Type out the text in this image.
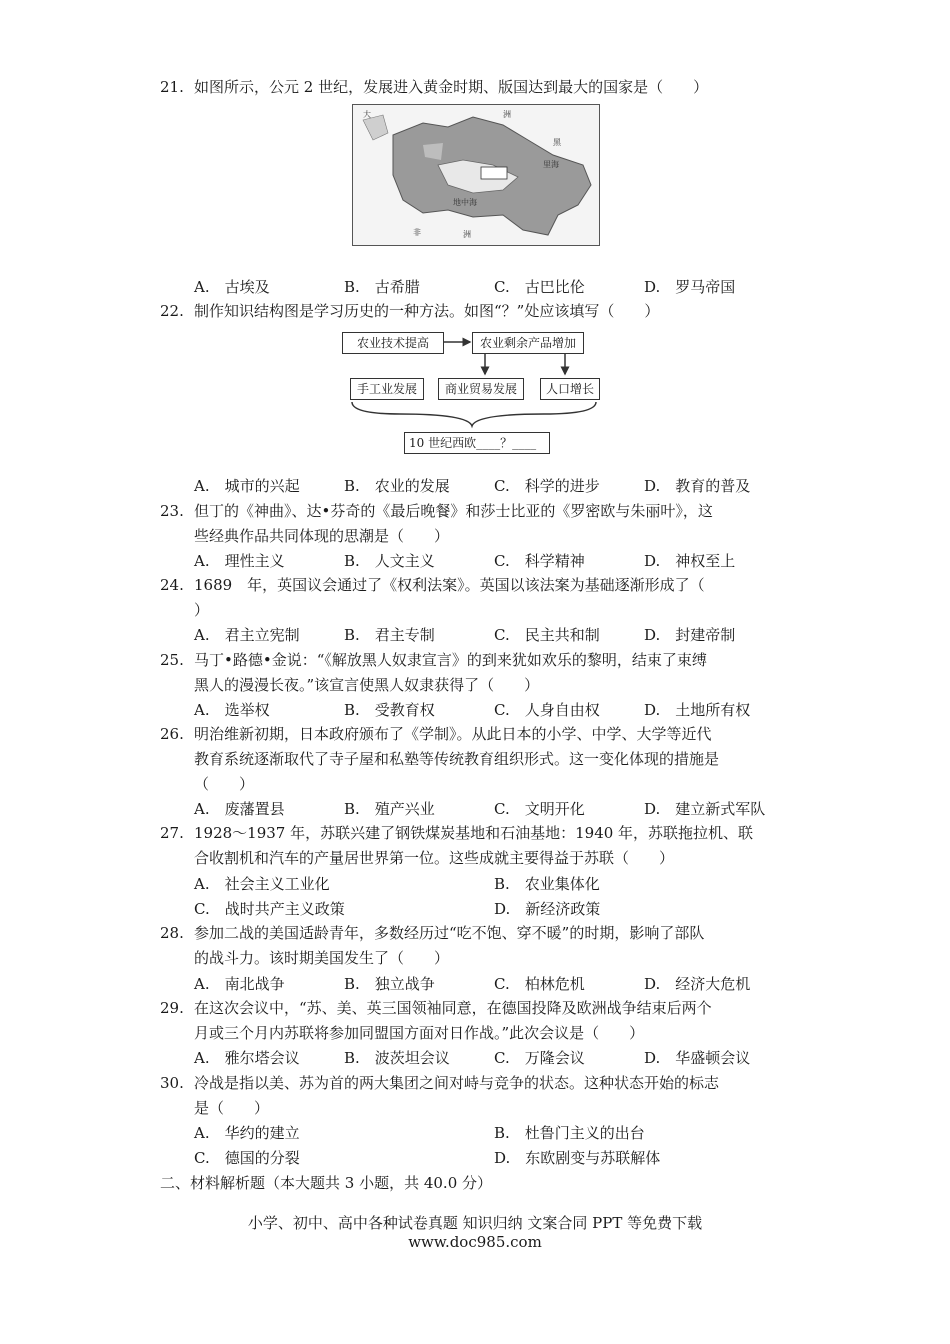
21. 如图所示，公元 2 世纪，发展进入黄金时期、版国达到最大的国家是（　　）
大	洲
黑
里海
地中海
非	洲
A.　古埃及	B.　古希腊	C.　古巴比伦	D.　罗马帝国
22. 制作知识结构图是学习历史的一种方法。如图“？”处应该填写（　　）
农业技术提高	农业剩余产品增加
手工业发展	商业贸易发展	人口增长
10 世纪西欧____？____
A.　城市的兴起	B.　农业的发展	C.　科学的进步	D.　教育的普及
23. 但丁的《神曲》、达•芬奇的《最后晚餐》和莎士比亚的《罗密欧与朱丽叶》，这
些经典作品共同体现的思潮是（　　）
A.　理性主义	B.　人文主义	C.　科学精神	D.　神权至上
24. 1689　年，英国议会通过了《权利法案》。英国以该法案为基础逐渐形成了（
）
A.　君主立宪制	B.　君主专制	C.　民主共和制	D.　封建帝制
25. 马丁•路德•金说：“《解放黑人奴隶宣言》的到来犹如欢乐的黎明，结束了束缚
黑人的漫漫长夜。”该宣言使黑人奴隶获得了（　　）
A.　选举权	B.　受教育权	C.　人身自由权	D.　土地所有权
26. 明治维新初期，日本政府颁布了《学制》。从此日本的小学、中学、大学等近代
教育系统逐渐取代了寺子屋和私塾等传统教育组织形式。这一变化体现的措施是
（　　）
A.　废藩置县	B.　殖产兴业	C.　文明开化	D.　建立新式军队
27. 1928～1937 年，苏联兴建了钢铁煤炭基地和石油基地：1940 年，苏联拖拉机、联
合收割机和汽车的产量居世界第一位。这些成就主要得益于苏联（　　）
A.　社会主义工业化	B.　农业集体化
C.　战时共产主义政策	D.　新经济政策
28. 参加二战的美国适龄青年，多数经历过“吃不饱、穿不暖”的时期，影响了部队
的战斗力。该时期美国发生了（　　）
A.　南北战争	B.　独立战争	C.　柏林危机	D.　经济大危机
29. 在这次会议中，“苏、美、英三国领袖同意，在德国投降及欧洲战争结束后两个
月或三个月内苏联将参加同盟国方面对日作战。”此次会议是（　　）
A.　雅尔塔会议	B.　波茨坦会议	C.　万隆会议	D.　华盛顿会议
30. 冷战是指以美、苏为首的两大集团之间对峙与竞争的状态。这种状态开始的标志
是（　　）
A.　华约的建立	B.　杜鲁门主义的出台
C.　德国的分裂	D.　东欧剧变与苏联解体
二、材料解析题（本大题共 3 小题，共 40.0 分）
小学、初中、高中各种试卷真题 知识归纳 文案合同 PPT 等免费下载
www.doc985.com
